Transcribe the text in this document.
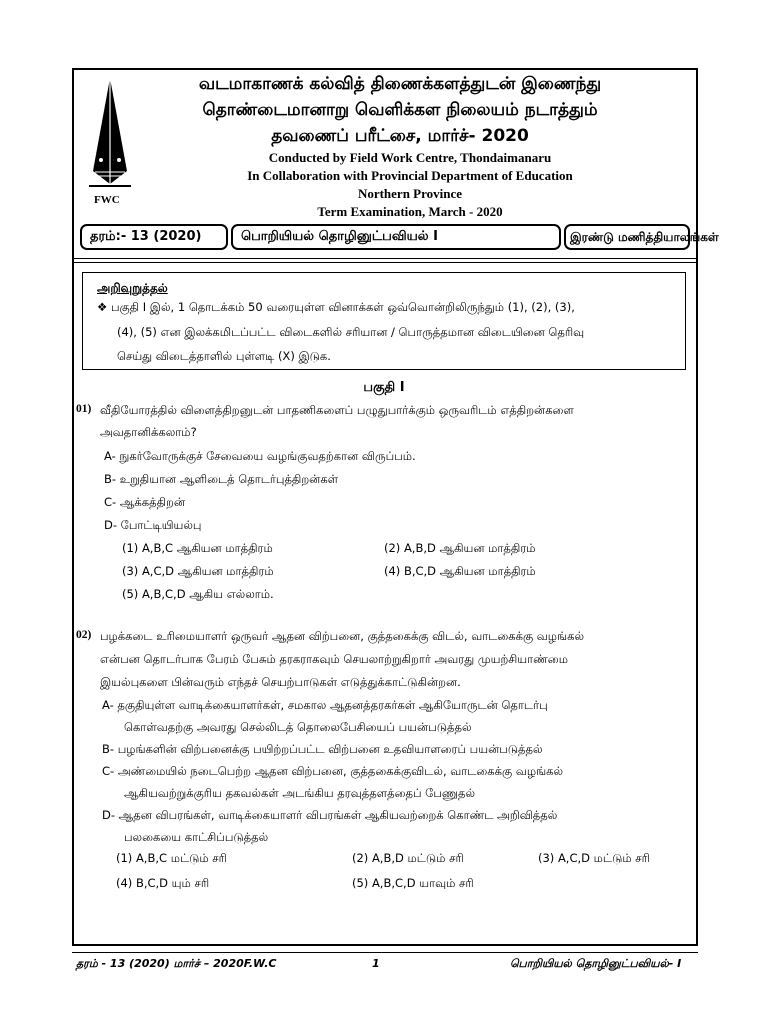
FWC
வடமாகாணக் கல்வித் திணைக்களத்துடன் இணைந்து
தொண்டைமானாறு வெளிக்கள நிலையம் நடாத்தும்
தவணைப் பரீட்சை, மார்ச்- 2020
Conducted by Field Work Centre, Thondaimanaru
In Collaboration with Provincial Department of Education
Northern Province
Term Examination, March - 2020
தரம்:- 13 (2020)	பொறியியல் தொழினுட்பவியல் I	இரண்டு மணித்தியாலங்கள்
அறிவுறுத்தல்
❖ பகுதி I இல், 1 தொடக்கம் 50 வரையுள்ள வினாக்கள் ஒவ்வொன்றிலிருந்தும் (1), (2), (3),
(4), (5) என இலக்கமிடப்பட்ட விடைகளில் சரியான / பொருத்தமான விடையினை தெரிவு
செய்து விடைத்தாளில் புள்ளடி (X) இடுக.
பகுதி I
01) வீதியோரத்தில் விளைத்திறனுடன் பாதணிகளைப் பழுதுபார்க்கும் ஒருவரிடம் எத்திறன்களை
அவதானிக்கலாம்?
A- நுகர்வோருக்குச் சேவையை வழங்குவதற்கான விருப்பம்.
B- உறுதியான ஆளிடைத் தொடர்புத்திறன்கள்
C- ஆக்கத்திறன்
D- போட்டியியல்பு
(1) A,B,C ஆகியன மாத்திரம்	(2) A,B,D ஆகியன மாத்திரம்
(3) A,C,D ஆகியன மாத்திரம்	(4) B,C,D ஆகியன மாத்திரம்
(5) A,B,C,D ஆகிய எல்லாம்.
02) பழக்கடை உரிமையாளர் ஒருவர் ஆதன விற்பனை, குத்தகைக்கு விடல், வாடகைக்கு வழங்கல்
என்பன தொடர்பாக பேரம் பேசும் தரகராகவும் செயலாற்றுகிறார் அவரது முயற்சியாண்மை
இயல்புகளை பின்வரும் எந்தச் செயற்பாடுகள் எடுத்துக்காட்டுகின்றன.
A- தகுதியுள்ள வாடிக்கையாளர்கள், சமகால ஆதனத்தரகர்கள் ஆகியோருடன் தொடர்பு
கொள்வதற்கு அவரது செல்லிடத் தொலைபேசியைப் பயன்படுத்தல்
B- பழங்களின் விற்பனைக்கு பயிற்றப்பட்ட விற்பனை உதவியாளரைப் பயன்படுத்தல்
C- அண்மையில் நடைபெற்ற ஆதன விற்பனை, குத்தகைக்குவிடல், வாடகைக்கு வழங்கல்
ஆகியவற்றுக்குரிய தகவல்கள் அடங்கிய தரவுத்தளத்தைப் பேணுதல்
D- ஆதன விபரங்கள், வாடிக்கையாளர் விபரங்கள் ஆகியவற்றைக் கொண்ட அறிவித்தல்
பலகையை காட்சிப்படுத்தல்
(1) A,B,C மட்டும் சரி	(2) A,B,D மட்டும் சரி	(3) A,C,D மட்டும் சரி
(4) B,C,D யும் சரி	(5) A,B,C,D யாவும் சரி
தரம் - 13 (2020) மார்ச் – 2020F.W.C	1	பொறியியல் தொழினுட்பவியல்- I
